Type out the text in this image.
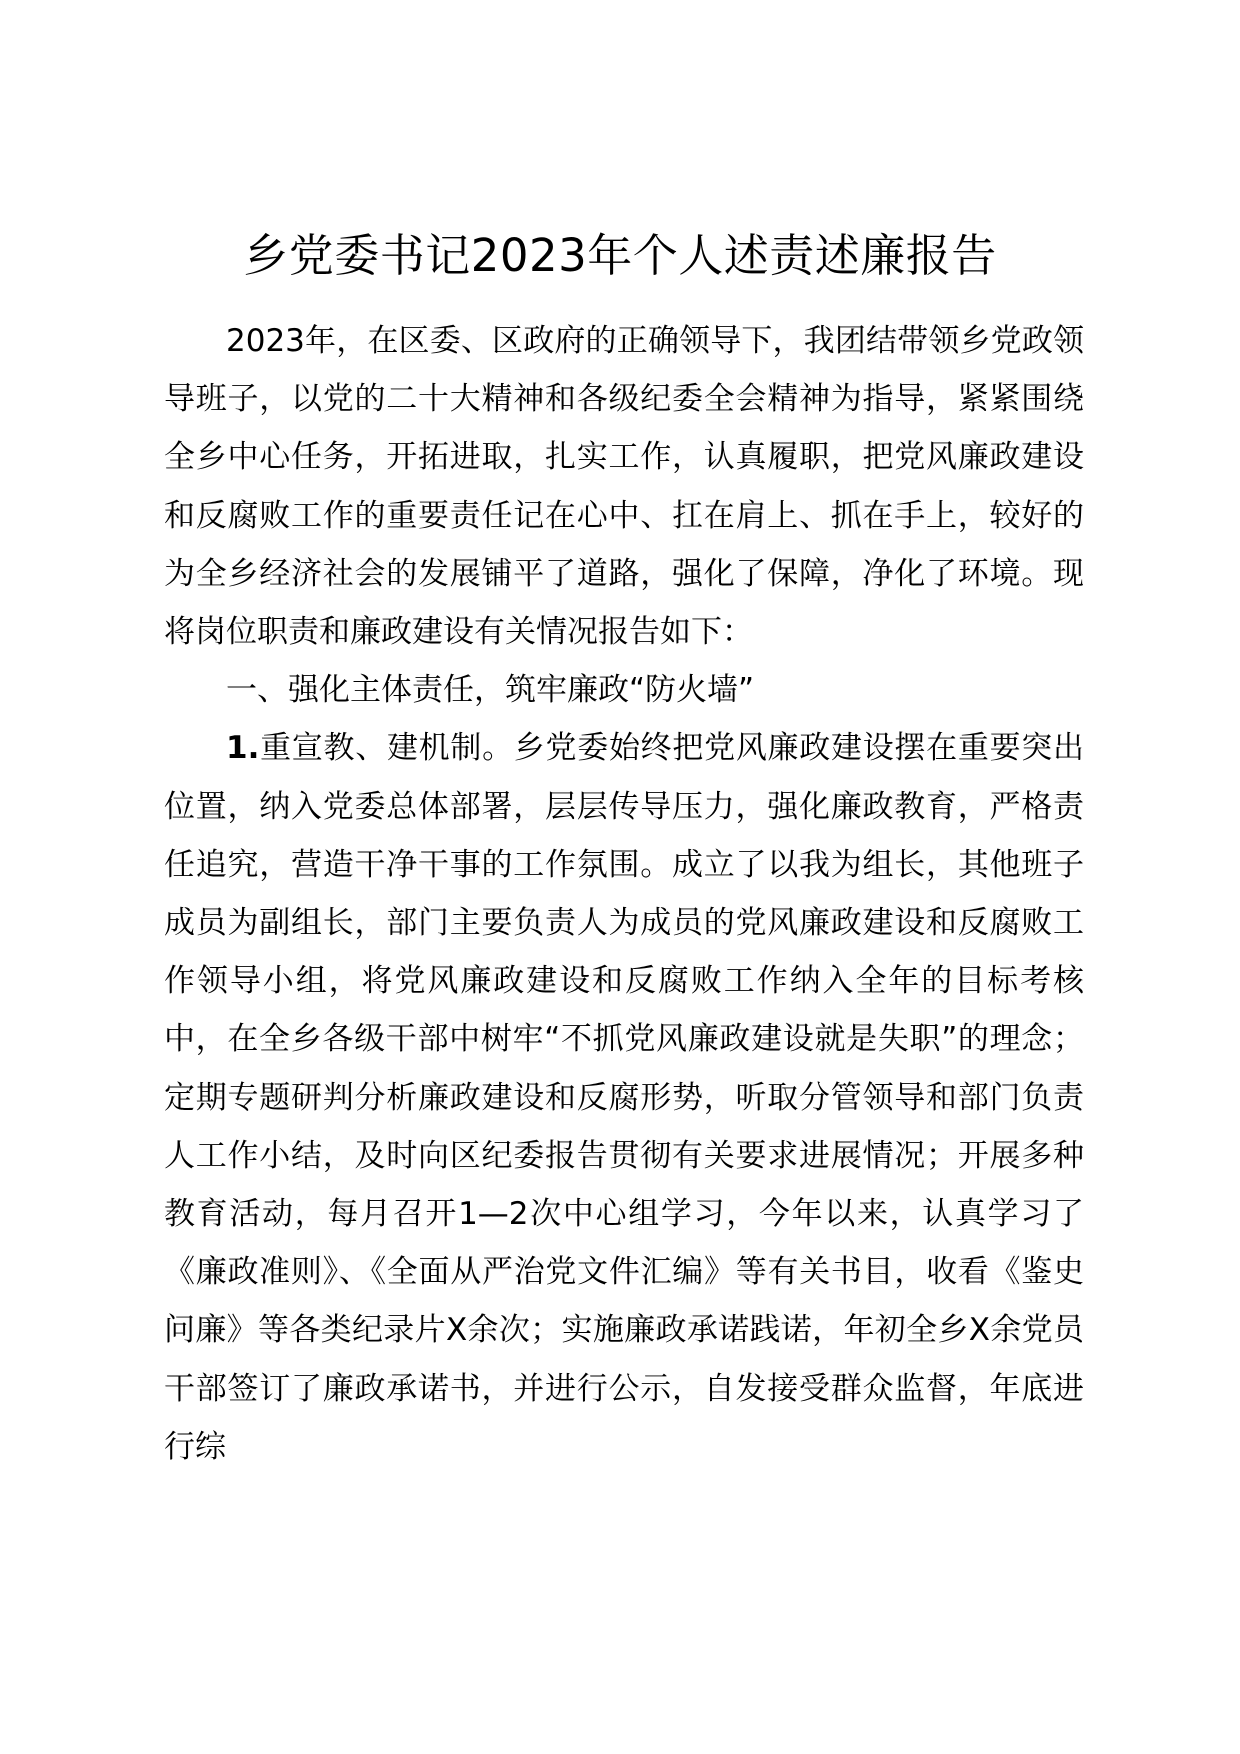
乡党委书记2023年个人述责述廉报告

2023年，在区委、区政府的正确领导下，我团结带领乡党政领导班子，以党的二十大精神和各级纪委全会精神为指导，紧紧围绕全乡中心任务，开拓进取，扎实工作，认真履职，把党风廉政建设和反腐败工作的重要责任记在心中、扛在肩上、抓在手上，较好的为全乡经济社会的发展铺平了道路，强化了保障，净化了环境。现将岗位职责和廉政建设有关情况报告如下：

一、强化主体责任，筑牢廉政“防火墙”

1.重宣教、建机制。乡党委始终把党风廉政建设摆在重要突出位置，纳入党委总体部署，层层传导压力，强化廉政教育，严格责任追究，营造干净干事的工作氛围。成立了以我为组长，其他班子成员为副组长，部门主要负责人为成员的党风廉政建设和反腐败工作领导小组，将党风廉政建设和反腐败工作纳入全年的目标考核中，在全乡各级干部中树牢“不抓党风廉政建设就是失职”的理念；定期专题研判分析廉政建设和反腐形势，听取分管领导和部门负责人工作小结，及时向区纪委报告贯彻有关要求进展情况；开展多种教育活动，每月召开1—2次中心组学习，今年以来，认真学习了《廉政准则》、《全面从严治党文件汇编》等有关书目，收看《鉴史问廉》等各类纪录片X余次；实施廉政承诺践诺，年初全乡X余党员干部签订了廉政承诺书，并进行公示，自发接受群众监督，年底进行综
